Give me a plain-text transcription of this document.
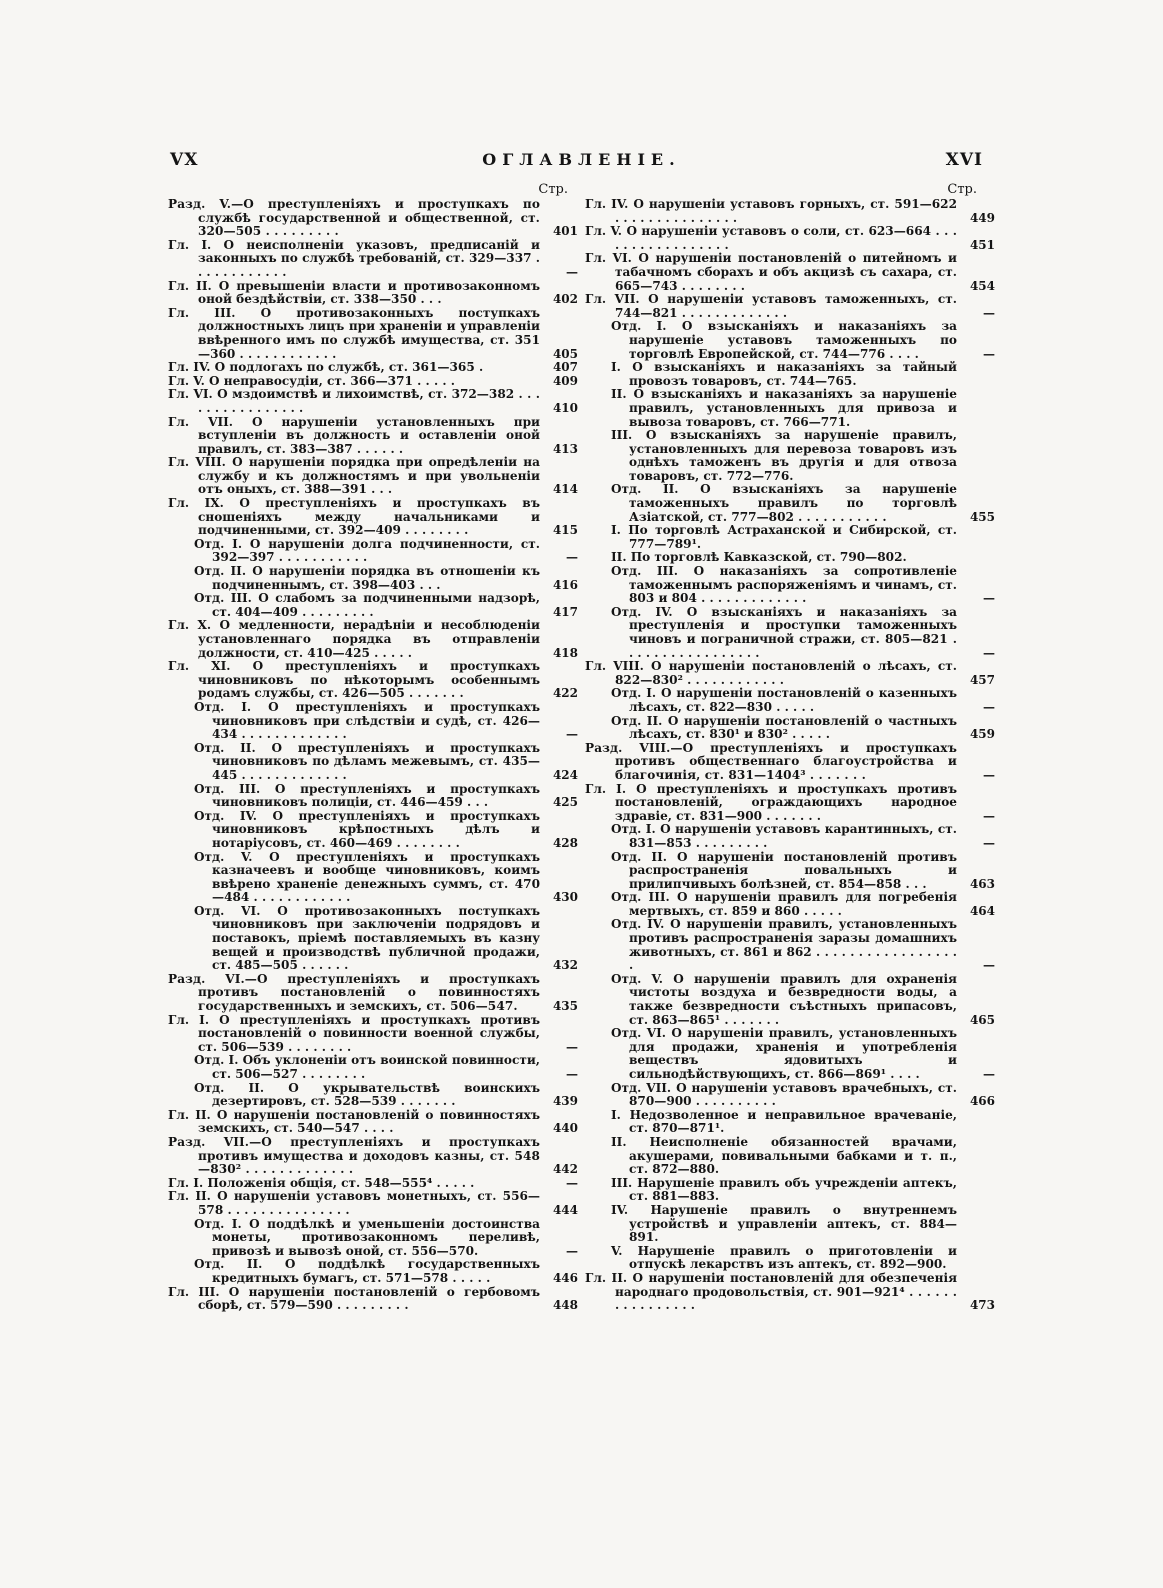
VX	ОГЛАВЛЕНIЕ.	XVI
Стр.
Разд. V.—О преступленiяхъ и проступкахъ по службѣ государственной и общественной, ст. 320—505 . . . . . . . . .	401
Гл. I. О неисполненiи указовъ, предписанiй и законныхъ по службѣ требованiй, ст. 329—337 . . . . . . . . . . . .	—
Гл. II. О превышенiи власти и противозаконномъ оной бездѣйствiи, ст. 338—350 . . .	402
Гл. III. О противозаконныхъ поступкахъ должностныхъ лицъ при храненiи и управленiи ввѣренного имъ по службѣ имущества, ст. 351—360 . . . . . . . . . . . .	405
Гл. IV. О подлогахъ по службѣ, ст. 361—365 .	407
Гл. V. О неправосудiи, ст. 366—371 . . . . .	409
Гл. VI. О мздоимствѣ и лихоимствѣ, ст. 372—382 . . . . . . . . . . . . . . . .	410
Гл. VII. О нарушенiи установленныхъ при вступленiи въ должность и оставленiи оной правилъ, ст. 383—387 . . . . . .	413
Гл. VIII. О нарушенiи порядка при опредѣленiи на службу и къ должностямъ и при увольненiи отъ оныхъ, ст. 388—391 . . .	414
Гл. IX. О преступленiяхъ и проступкахъ въ сношенiяхъ между начальниками и подчиненными, ст. 392—409 . . . . . . . .	415
Отд. I. О нарушенiи долга подчиненности, ст. 392—397 . . . . . . . . . . .	—
Отд. II. О нарушенiи порядка въ отношенiи къ подчиненнымъ, ст. 398—403 . . .	416
Отд. III. О слабомъ за подчиненными надзорѣ, ст. 404—409 . . . . . . . . .	417
Гл. X. О медленности, нерадѣнiи и несоблюденiи установленнаго порядка въ отправленiи должности, ст. 410—425 . . . . .	418
Гл. XI. О преступленiяхъ и проступкахъ чиновниковъ по нѣкоторымъ особеннымъ родамъ службы, ст. 426—505 . . . . . . .	422
Отд. I. О преступленiяхъ и проступкахъ чиновниковъ при слѣдствiи и судѣ, ст. 426—434 . . . . . . . . . . . . .	—
Отд. II. О преступленiяхъ и проступкахъ чиновниковъ по дѣламъ межевымъ, ст. 435—445 . . . . . . . . . . . . .	424
Отд. III. О преступленiяхъ и проступкахъ чиновниковъ полицiи, ст. 446—459 . . .	425
Отд. IV. О преступленiяхъ и проступкахъ чиновниковъ крѣпостныхъ дѣлъ и нотарiусовъ, ст. 460—469 . . . . . . . .	428
Отд. V. О преступленiяхъ и проступкахъ казначеевъ и вообще чиновниковъ, коимъ ввѣрено храненiе денежныхъ суммъ, ст. 470—484 . . . . . . . . . . . .	430
Отд. VI. О противозаконныхъ поступкахъ чиновниковъ при заключенiи подрядовъ и поставокъ, прiемѣ поставляемыхъ въ казну вещей и производствѣ публичной продажи, ст. 485—505 . . . . . .	432
Разд. VI.—О преступленiяхъ и проступкахъ противъ постановленiй о повинностяхъ государственныхъ и земскихъ, ст. 506—547.	435
Гл. I. О преступленiяхъ и проступкахъ противъ постановленiй о повинности военной службы, ст. 506—539 . . . . . . . .	—
Отд. I. Объ уклоненiи отъ воинской повинности, ст. 506—527 . . . . . . . .	—
Отд. II. О укрывательствѣ воинскихъ дезертировъ, ст. 528—539 . . . . . . .	439
Гл. II. О нарушенiи постановленiй о повинностяхъ земскихъ, ст. 540—547 . . . .	440
Разд. VII.—О преступленiяхъ и проступкахъ противъ имущества и доходовъ казны, ст. 548—830² . . . . . . . . . . . . .	442
Гл. I. Положенiя общiя, ст. 548—555⁴ . . . . .	—
Гл. II. О нарушенiи уставовъ монетныхъ, ст. 556—578 . . . . . . . . . . . . . . .	444
Отд. I. О поддѣлкѣ и уменьшенiи достоинства монеты, противозаконномъ переливѣ, привозѣ и вывозѣ оной, ст. 556—570.	—
Отд. II. О поддѣлкѣ государственныхъ кредитныхъ бумагъ, ст. 571—578 . . . . .	446
Гл. III. О нарушенiи постановленiй о гербовомъ сборѣ, ст. 579—590 . . . . . . . . .	448
Стр.
Гл. IV. О нарушенiи уставовъ горныхъ, ст. 591—622 . . . . . . . . . . . . . . .	449
Гл. V. О нарушенiи уставовъ о соли, ст. 623—664 . . . . . . . . . . . . . . . . .	451
Гл. VI. О нарушенiи постановленiй о питейномъ и табачномъ сборахъ и объ акцизѣ съ сахара, ст. 665—743 . . . . . . . .	454
Гл. VII. О нарушенiи уставовъ таможенныхъ, ст. 744—821 . . . . . . . . . . . . .	—
Отд. I. О взысканiяхъ и наказанiяхъ за нарушенiе уставовъ таможенныхъ по торговлѣ Европейской, ст. 744—776 . . . .	—
I. О взысканiяхъ и наказанiяхъ за тайный провозъ товаровъ, ст. 744—765.
II. О взысканiяхъ и наказанiяхъ за нарушенiе правилъ, установленныхъ для привоза и вывоза товаровъ, ст. 766—771.
III. О взысканiяхъ за нарушенiе правилъ, установленныхъ для перевоза товаровъ изъ однѣхъ таможенъ въ другiя и для отвоза товаровъ, ст. 772—776.
Отд. II. О взысканiяхъ за нарушенiе таможенныхъ правилъ по торговлѣ Азiатской, ст. 777—802 . . . . . . . . . . .	455
I. По торговлѣ Астраханской и Сибирской, ст. 777—789¹.
II. По торговлѣ Кавказской, ст. 790—802.
Отд. III. О наказанiяхъ за сопротивленiе таможеннымъ распоряженiямъ и чинамъ, ст. 803 и 804 . . . . . . . . . . . . .	—
Отд. IV. О взысканiяхъ и наказанiяхъ за преступленiя и проступки таможенныхъ чиновъ и пограничной стражи, ст. 805—821 . . . . . . . . . . . . . . . . .	—
Гл. VIII. О нарушенiи постановленiй о лѣсахъ, ст. 822—830² . . . . . . . . . . . .	457
Отд. I. О нарушенiи постановленiй о казенныхъ лѣсахъ, ст. 822—830 . . . . .	—
Отд. II. О нарушенiи постановленiй о частныхъ лѣсахъ, ст. 830¹ и 830² . . . . .	459
Разд. VIII.—О преступленiяхъ и проступкахъ противъ общественнаго благоустройства и благочинiя, ст. 831—1404³ . . . . . . .	—
Гл. I. О преступленiяхъ и проступкахъ противъ постановленiй, ограждающихъ народное здравiе, ст. 831—900 . . . . . . .	—
Отд. I. О нарушенiи уставовъ карантинныхъ, ст. 831—853 . . . . . . . . .	—
Отд. II. О нарушенiи постановленiй противъ распространенiя повальныхъ и прилипчивыхъ болѣзней, ст. 854—858 . . .	463
Отд. III. О нарушенiи правилъ для погребенiя мертвыхъ, ст. 859 и 860 . . . . .	464
Отд. IV. О нарушенiи правилъ, установленныхъ противъ распространенiя заразы домашнихъ животныхъ, ст. 861 и 862 . . . . . . . . . . . . . . . . . .	—
Отд. V. О нарушенiи правилъ для охраненiя чистоты воздуха и безвредности воды, а также безвредности съѣстныхъ припасовъ, ст. 863—865¹ . . . . . . .	465
Отд. VI. О нарушенiи правилъ, установленныхъ для продажи, храненiя и употребленiя веществъ ядовитыхъ и сильнодѣйствующихъ, ст. 866—869¹ . . . .	—
Отд. VII. О нарушенiи уставовъ врачебныхъ, ст. 870—900 . . . . . . . . . .	466
I. Недозволенное и неправильное врачеванiе, ст. 870—871¹.
II. Неисполненiе обязанностей врачами, акушерами, повивальными бабками и т. п., ст. 872—880.
III. Нарушенiе правилъ объ учрежденiи аптекъ, ст. 881—883.
IV. Нарушенiе правилъ о внутреннемъ устройствѣ и управленiи аптекъ, ст. 884—891.
V. Нарушенiе правилъ о приготовленiи и отпускѣ лекарствъ изъ аптекъ, ст. 892—900.
Гл. II. О нарушенiи постановленiй для обезпеченiя народнаго продовольствiя, ст. 901—921⁴ . . . . . . . . . . . . . . . .	473
